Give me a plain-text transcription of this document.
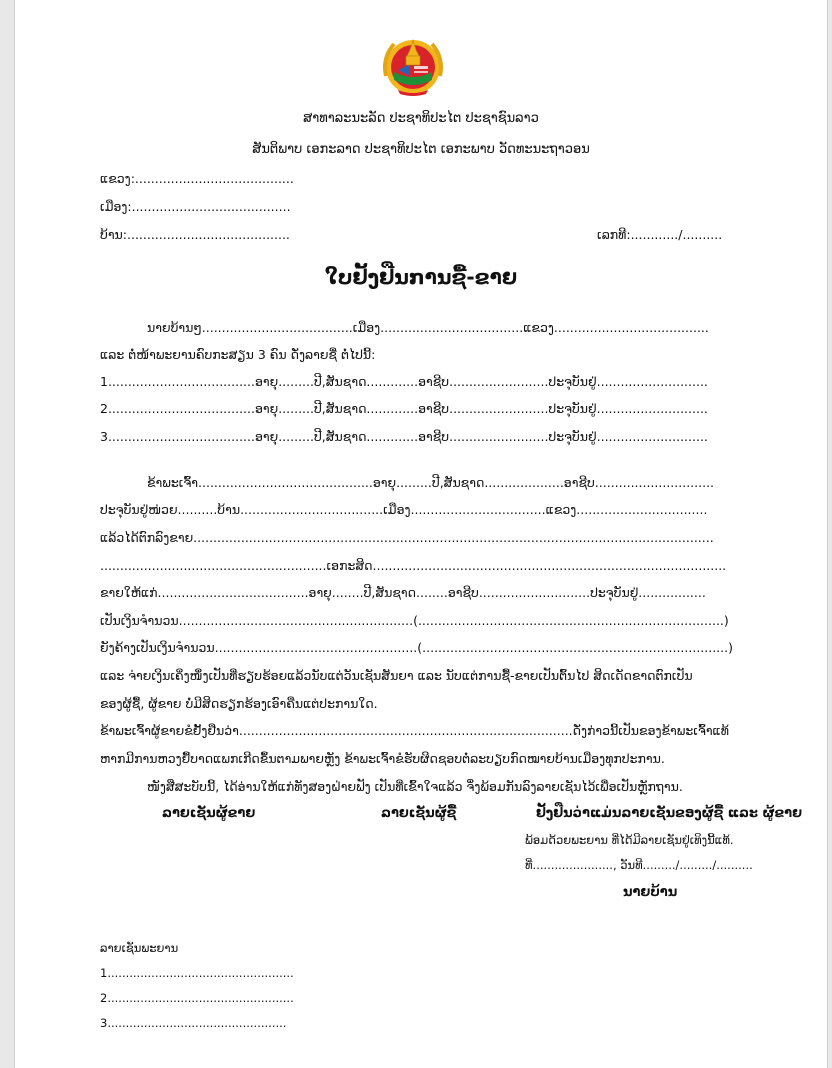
ສາທາລະນະລັດ ປະຊາທິປະໄຕ ປະຊາຊົນລາວ
ສັນຕິພາບ ເອກະລາດ ປະຊາທິປະໄຕ ເອກະພາບ ວັດທະນະຖາວອນ
ແຂວງ:........................................
ເມືອງ:........................................
ບ້ານ:.........................................	ເລກທີ:............/..........
ໃບຢັ້ງຢືນການຊື້-ຂາຍ
ນາຍບ້ານໆ......................................ເມືອງ....................................ແຂວງ.......................................
ແລະ ຕໍ່ໜ້າພະຍານຄົບກະສຽນ 3 ຄົນ ດັ່ງລາຍຊື່ ຕໍ່ໄປນີ້:
1.....................................ອາຍຸ.........ປີ,ສັນຊາດ.............ອາຊີບ.........................ປະຈຸບັນຢູ່............................
2.....................................ອາຍຸ.........ປີ,ສັນຊາດ.............ອາຊີບ.........................ປະຈຸບັນຢູ່............................
3.....................................ອາຍຸ.........ປີ,ສັນຊາດ.............ອາຊີບ.........................ປະຈຸບັນຢູ່............................
ຂ້າພະເຈົ້າ............................................ອາຍຸ.........ປີ,ສັນຊາດ....................ອາຊີບ..............................
ປະຈຸບັນຢູ່ໜ່ວຍ..........ບ້ານ....................................ເມືອງ..................................ແຂວງ.................................
ແລ້ວໄດ້ຕົກລົງຂາຍ...................................................................................................................................
.........................................................ເອກະສິດ.........................................................................................
ຂາຍໃຫ້ແກ່......................................ອາຍຸ........ປີ,ສັນຊາດ........ອາຊີບ............................ປະຈຸບັນຢູ່.................
ເປັນເງິນຈຳນວນ...........................................................(.............................................................................)
ຍັງຄ້າງເປັນເງິນຈຳນວນ...................................................(.............................................................................)
ແລະ ຈ່າຍເງິນເຄິ່ງໜຶ່ງເປັນທີ່ຮຽບຮ້ອຍແລ້ວນັບແຕ່ວັນເຊັນສັນຍາ ແລະ ນັບແຕ່ການຊື້-ຂາຍເປັນຕົ້ນໄປ ສິດເດັດຂາດຕົກເປັນ
ຂອງຜູ້ຊື້, ຜູ້ຂາຍ ບໍ່ມີສິດຮຽກຮ້ອງເອົາຄືນແຕ່ປະການໃດ.
ຂ້າພະເຈົ້າຜູ້ຂາຍຂໍຢັ້ງຢືນວ່າ....................................................................................ດັ່ງກ່າວນີ້ເປັນຂອງຂ້າພະເຈົ້າແທ້
ຫາກມີການຫວງຍື້ບາດແພກເກີດຂຶ້ນຕາມພາຍຫຼັງ ຂ້າພະເຈົ້າຂໍຮັບຜິດຊອບຕໍ່ລະບຽບກົດໝາຍບ້ານເມືອງທຸກປະການ.
ໜັງສືສະບັບນີ້, ໄດ້ອ່ານໃຫ້ແກ່ທັງສອງຝ່າຍຟັງ ເປັນທີ່ເຂົ້າໃຈແລ້ວ ຈຶ່ງພ້ອມກັນລົງລາຍເຊັນໄວ້ເພື່ອເປັນຫຼັກຖານ.
ລາຍເຊັນຜູ້ຂາຍ	ລາຍເຊັນຜູ້ຊື້	ຢັ້ງຢືນວ່າແມ່ນລາຍເຊັນຂອງຜູ້ຊື້ ແລະ ຜູ້ຂາຍ
ພ້ອມດ້ວຍພະຍານ ທີ່ໄດ້ມີລາຍເຊັນຢູ່ເທິງນີ້ແທ້.
ທີ່......................, ວັນທີ........./........./..........
ນາຍບ້ານ
ລາຍເຊັນພະຍານ
1...................................................
2...................................................
3.................................................
